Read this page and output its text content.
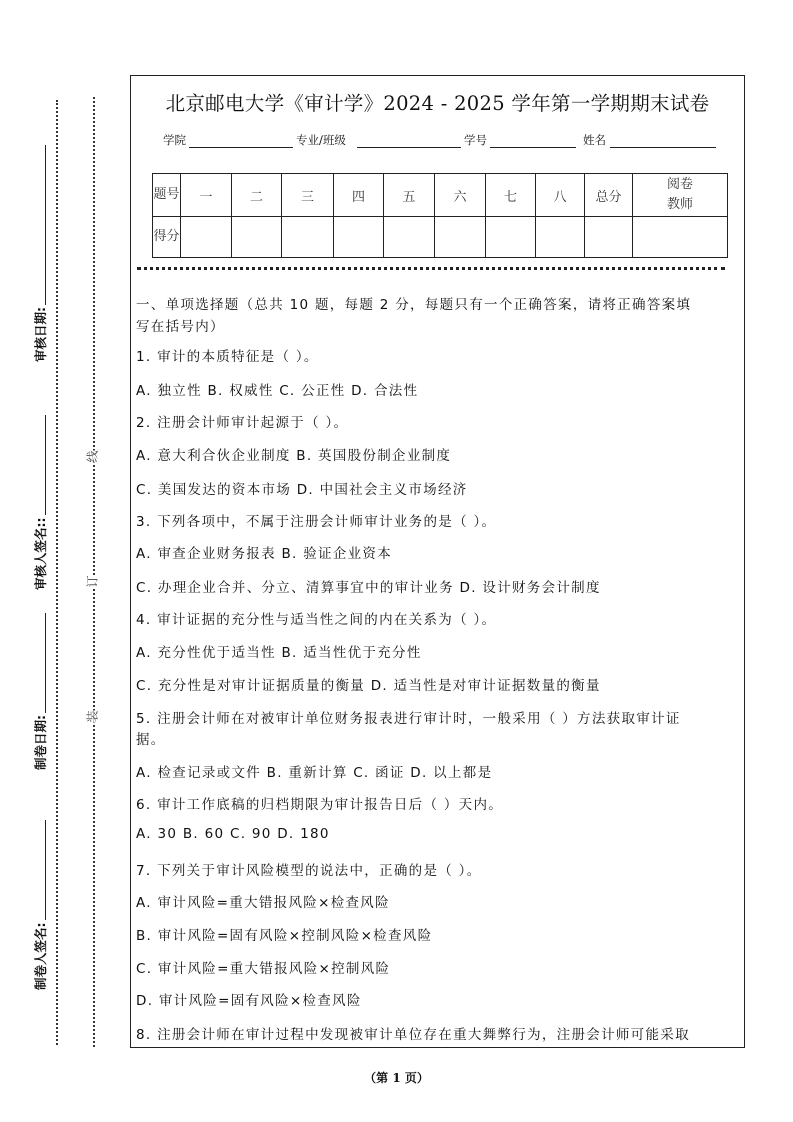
制卷人签名:
制卷日期:
审核人签名::
审核日期:
装
订
线
北京邮电大学《审计学》2024 - 2025 学年第一学期期末试卷
学院	专业/班级	学号	姓名
题号	一	二	三	四	五	六	七	八	总分	阅卷教师

得分										
一、单项选择题（总共 10 题，每题 2 分，每题只有一个正确答案，请将正确答案填
写在括号内）
1. 审计的本质特征是（ ）。
A. 独立性 B. 权威性 C. 公正性 D. 合法性
2. 注册会计师审计起源于（ ）。
A. 意大利合伙企业制度 B. 英国股份制企业制度
C. 美国发达的资本市场 D. 中国社会主义市场经济
3. 下列各项中，不属于注册会计师审计业务的是（ ）。
A. 审查企业财务报表 B. 验证企业资本
C. 办理企业合并、分立、清算事宜中的审计业务 D. 设计财务会计制度
4. 审计证据的充分性与适当性之间的内在关系为（ ）。
A. 充分性优于适当性 B. 适当性优于充分性
C. 充分性是对审计证据质量的衡量 D. 适当性是对审计证据数量的衡量
5. 注册会计师在对被审计单位财务报表进行审计时，一般采用（ ）方法获取审计证
据。
A. 检查记录或文件 B. 重新计算 C. 函证 D. 以上都是
6. 审计工作底稿的归档期限为审计报告日后（ ）天内。
A. 30 B. 60 C. 90 D. 180
7. 下列关于审计风险模型的说法中，正确的是（ ）。
A. 审计风险=重大错报风险×检查风险
B. 审计风险=固有风险×控制风险×检查风险
C. 审计风险=重大错报风险×控制风险
D. 审计风险=固有风险×检查风险
8. 注册会计师在审计过程中发现被审计单位存在重大舞弊行为，注册会计师可能采取
（第 1 页）
